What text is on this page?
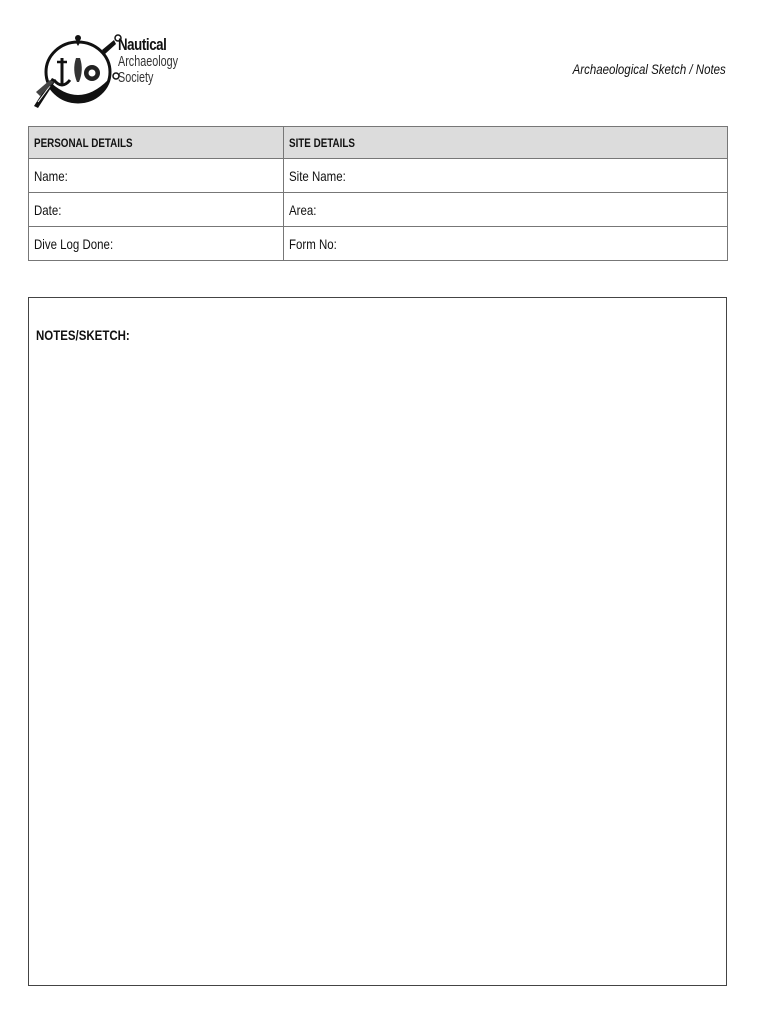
Nautical
Archaeology
Society	Archaeological Sketch / Notes
PERSONAL DETAILS	SITE DETAILS
Name:	Site Name:
Date:	Area:
Dive Log Done:	Form No:
NOTES/SKETCH:
